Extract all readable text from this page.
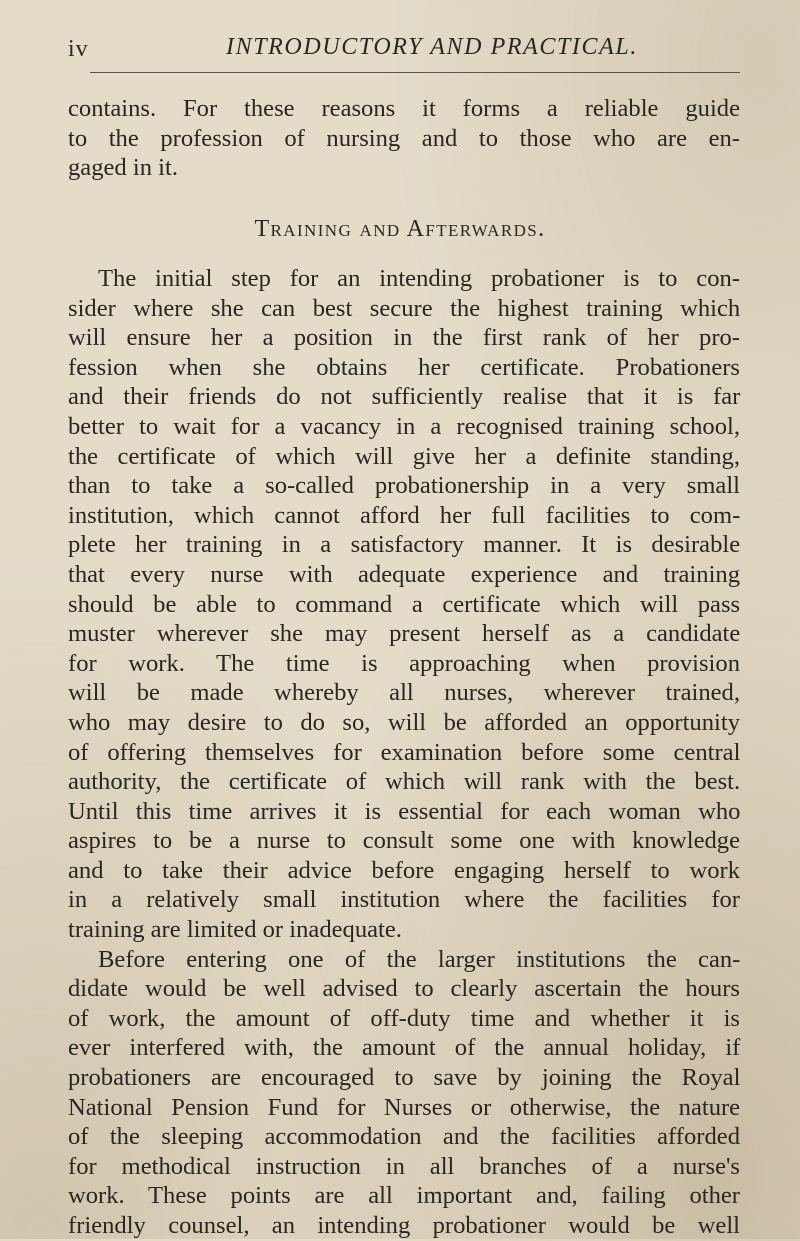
iv	INTRODUCTORY AND PRACTICAL.
contains. For these reasons it forms a reliable guide
to the profession of nursing and to those who are en-
gaged in it.
Training and Afterwards.
The initial step for an intending probationer is to con-
sider where she can best secure the highest training which
will ensure her a position in the first rank of her pro-
fession when she obtains her certificate. Probationers
and their friends do not sufficiently realise that it is far
better to wait for a vacancy in a recognised training school,
the certificate of which will give her a definite standing,
than to take a so-called probationership in a very small
institution, which cannot afford her full facilities to com-
plete her training in a satisfactory manner. It is desirable
that every nurse with adequate experience and training
should be able to command a certificate which will pass
muster wherever she may present herself as a candidate
for work. The time is approaching when provision
will be made whereby all nurses, wherever trained,
who may desire to do so, will be afforded an opportunity
of offering themselves for examination before some central
authority, the certificate of which will rank with the best.
Until this time arrives it is essential for each woman who
aspires to be a nurse to consult some one with knowledge
and to take their advice before engaging herself to work
in a relatively small institution where the facilities for
training are limited or inadequate.
Before entering one of the larger institutions the can-
didate would be well advised to clearly ascertain the hours
of work, the amount of off-duty time and whether it is
ever interfered with, the amount of the annual holiday, if
probationers are encouraged to save by joining the Royal
National Pension Fund for Nurses or otherwise, the nature
of the sleeping accommodation and the facilities afforded
for methodical instruction in all branches of a nurse's
work. These points are all important and, failing other
friendly counsel, an intending probationer would be well
